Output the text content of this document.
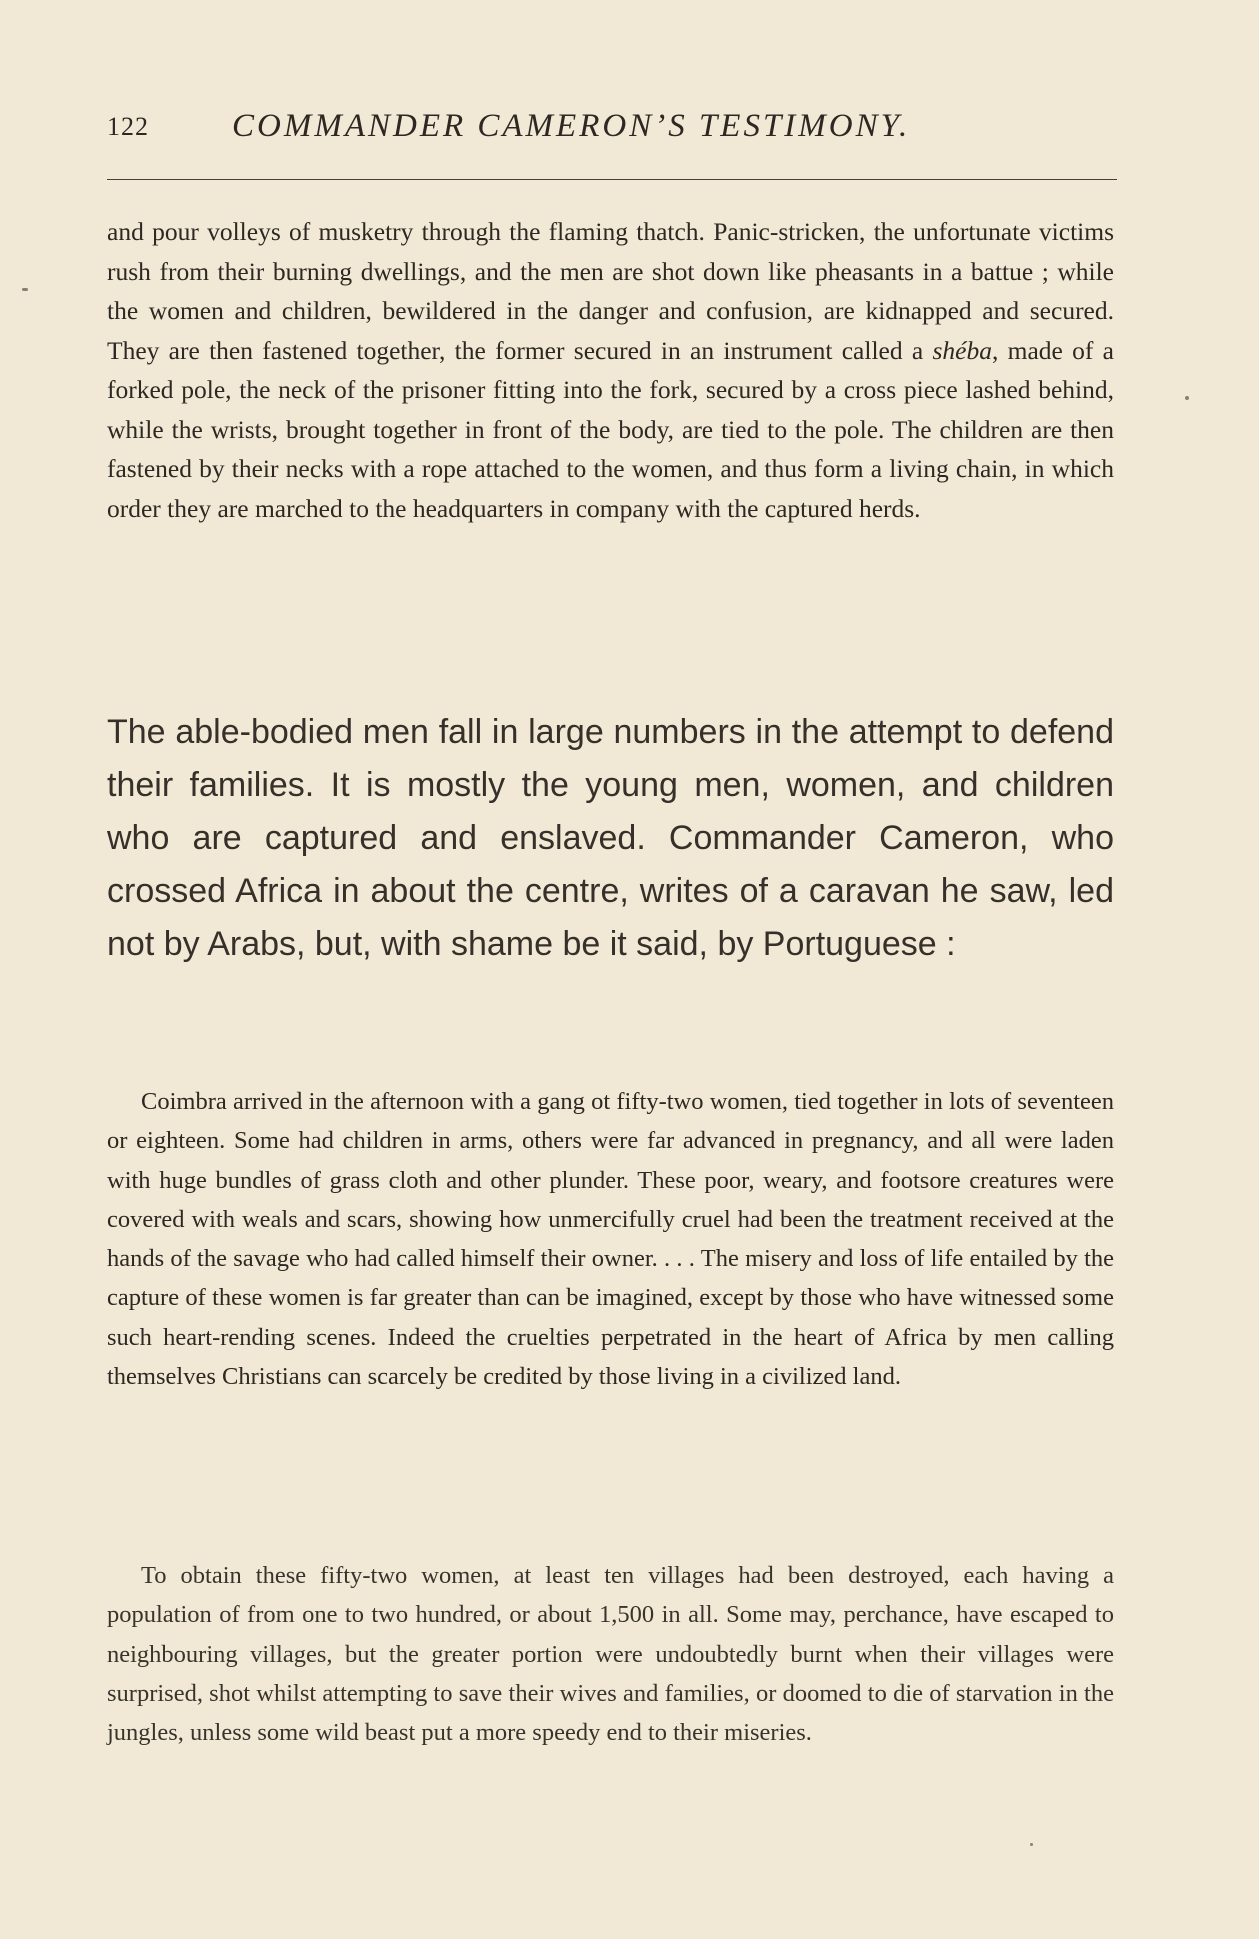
122	COMMANDER CAMERON’S TESTIMONY.

and pour volleys of musketry through the flaming thatch. Panic-stricken, the unfortunate victims rush from their burning dwellings, and the men are shot down like pheasants in a battue ; while the women and children, bewildered in the danger and confusion, are kidnapped and secured. They are then fastened together, the former secured in an instrument called a shéba, made of a forked pole, the neck of the prisoner fitting into the fork, secured by a cross piece lashed behind, while the wrists, brought together in front of the body, are tied to the pole. The children are then fastened by their necks with a rope attached to the women, and thus form a living chain, in which order they are marched to the headquarters in company with the captured herds.

The able-bodied men fall in large numbers in the attempt to defend their families. It is mostly the young men, women, and children who are captured and enslaved. Commander Cameron, who crossed Africa in about the centre, writes of a caravan he saw, led not by Arabs, but, with shame be it said, by Portuguese :

Coimbra arrived in the afternoon with a gang ot fifty-two women, tied together in lots of seventeen or eighteen. Some had children in arms, others were far advanced in pregnancy, and all were laden with huge bundles of grass cloth and other plunder. These poor, weary, and footsore creatures were covered with weals and scars, showing how unmercifully cruel had been the treatment received at the hands of the savage who had called himself their owner. . . . The misery and loss of life entailed by the capture of these women is far greater than can be imagined, except by those who have witnessed some such heart-rending scenes. Indeed the cruelties perpetrated in the heart of Africa by men calling themselves Christians can scarcely be credited by those living in a civilized land.

To obtain these fifty-two women, at least ten villages had been destroyed, each having a population of from one to two hundred, or about 1,500 in all. Some may, perchance, have escaped to neighbouring villages, but the greater portion were undoubtedly burnt when their villages were surprised, shot whilst attempting to save their wives and families, or doomed to die of starvation in the jungles, unless some wild beast put a more speedy end to their miseries.
